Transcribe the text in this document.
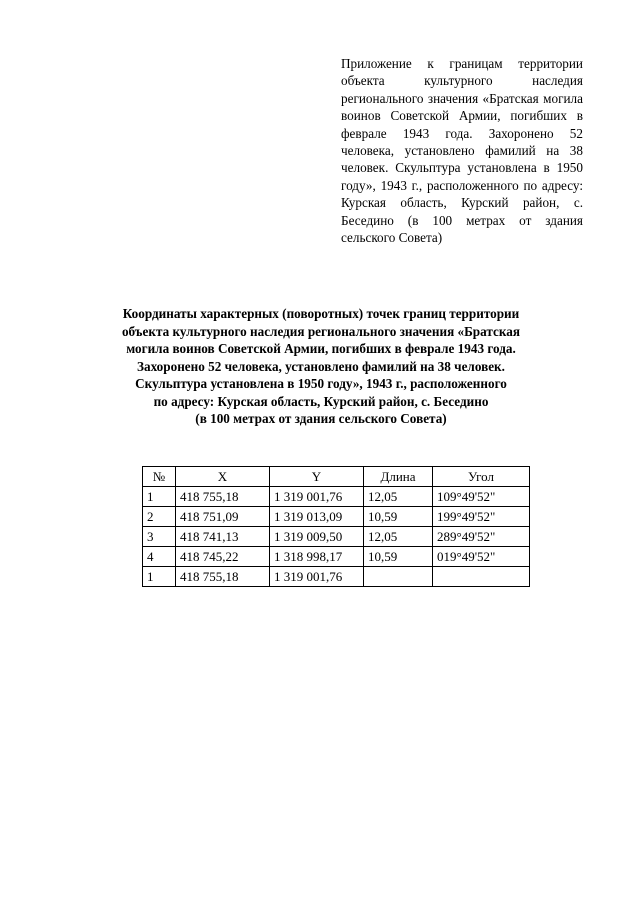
Приложение к границам территории объекта культурного наследия регионального значения «Братская могила воинов Советской Армии, погибших в феврале 1943 года. Захоронено 52 человека, установлено фамилий на 38 человек. Скульптура установлена в 1950 году», 1943 г., расположенного по адресу: Курская область, Курский район, с. Беседино (в 100 метрах от здания сельского Совета)

Координаты характерных (поворотных) точек границ территории
объекта культурного наследия регионального значения «Братская
могила воинов Советской Армии, погибших в феврале 1943 года.
Захоронено 52 человека, установлено фамилий на 38 человек.
Скульптура установлена в 1950 году», 1943 г., расположенного
по адресу: Курская область, Курский район, с. Беседино
(в 100 метрах от здания сельского Совета)
№	X	Y	Длина	Угол
1	418 755,18	1 319 001,76	12,05	109°49'52"
2	418 751,09	1 319 013,09	10,59	199°49'52"
3	418 741,13	1 319 009,50	12,05	289°49'52"
4	418 745,22	1 318 998,17	10,59	019°49'52"
1	418 755,18	1 319 001,76		
